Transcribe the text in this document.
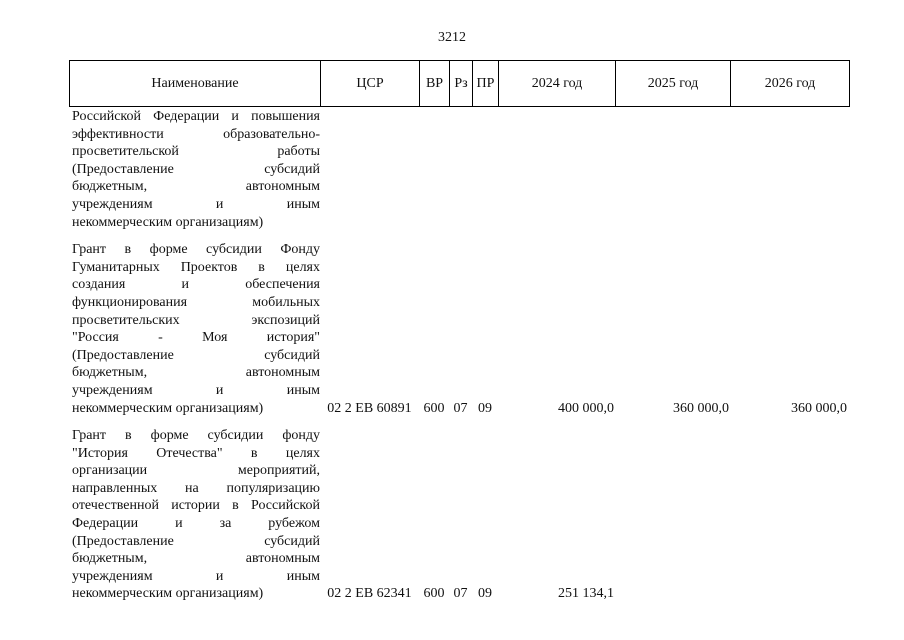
3212
Наименование	ЦСР	ВР Рз ПР	2024 год	2025 год	2026 год
Российской Федерации и повышения
эффективности образовательно-
просветительской работы
(Предоставление субсидий
бюджетным, автономным
учреждениям и иным
некоммерческим организациям)
Грант в форме субсидии Фонду
Гуманитарных Проектов в целях
создания и обеспечения
функционирования мобильных
просветительских экспозиций
"Россия - Моя история"
(Предоставление субсидий
бюджетным, автономным
учреждениям и иным
некоммерческим организациям)	02 2 ЕВ 60891 600 07 09	400 000,0	360 000,0	360 000,0
Грант в форме субсидии фонду
"История Отечества" в целях
организации мероприятий,
направленных на популяризацию
отечественной истории в Российской
Федерации и за рубежом
(Предоставление субсидий
бюджетным, автономным
учреждениям и иным
некоммерческим организациям)	02 2 ЕВ 62341 600 07 09	251 134,1
